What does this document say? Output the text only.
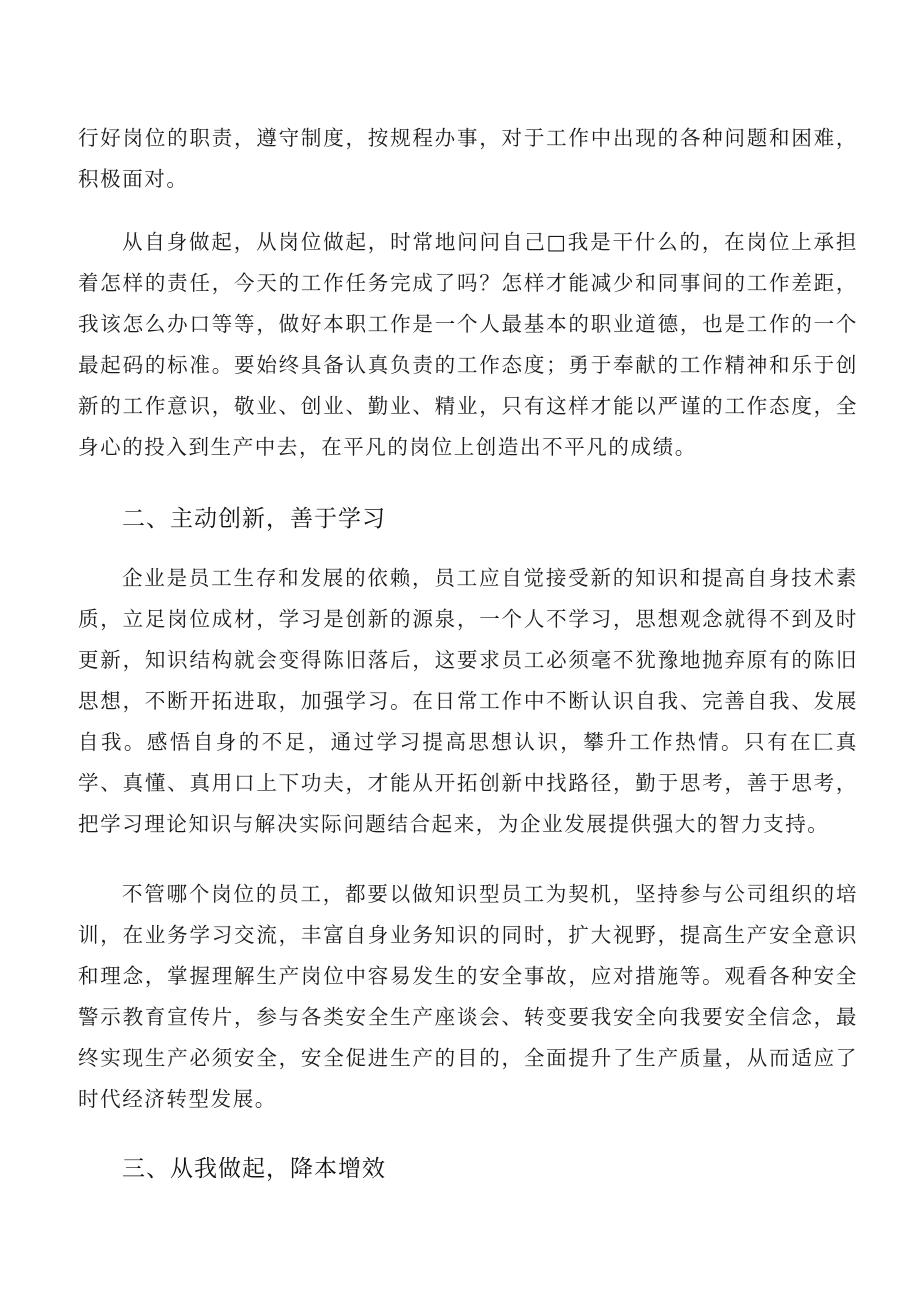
行好岗位的职责，遵守制度，按规程办事，对于工作中出现的各种问题和困难，积极面对。

从自身做起，从岗位做起，时常地问问自己□我是干什么的，在岗位上承担着怎样的责任，今天的工作任务完成了吗？怎样才能减少和同事间的工作差距，我该怎么办口等等，做好本职工作是一个人最基本的职业道德，也是工作的一个最起码的标准。要始终具备认真负责的工作态度；勇于奉献的工作精神和乐于创新的工作意识，敬业、创业、勤业、精业，只有这样才能以严谨的工作态度，全身心的投入到生产中去，在平凡的岗位上创造出不平凡的成绩。

二、主动创新，善于学习

企业是员工生存和发展的依赖，员工应自觉接受新的知识和提高自身技术素质，立足岗位成材，学习是创新的源泉，一个人不学习，思想观念就得不到及时更新，知识结构就会变得陈旧落后，这要求员工必须毫不犹豫地抛弃原有的陈旧思想，不断开拓进取，加强学习。在日常工作中不断认识自我、完善自我、发展自我。感悟自身的不足，通过学习提高思想认识，攀升工作热情。只有在匚真学、真懂、真用口上下功夫，才能从开拓创新中找路径，勤于思考，善于思考，把学习理论知识与解决实际问题结合起来，为企业发展提供强大的智力支持。

不管哪个岗位的员工，都要以做知识型员工为契机，坚持参与公司组织的培训，在业务学习交流，丰富自身业务知识的同时，扩大视野，提高生产安全意识和理念，掌握理解生产岗位中容易发生的安全事故，应对措施等。观看各种安全警示教育宣传片，参与各类安全生产座谈会、转变要我安全向我要安全信念，最终实现生产必须安全，安全促进生产的目的，全面提升了生产质量，从而适应了时代经济转型发展。

三、从我做起，降本增效
